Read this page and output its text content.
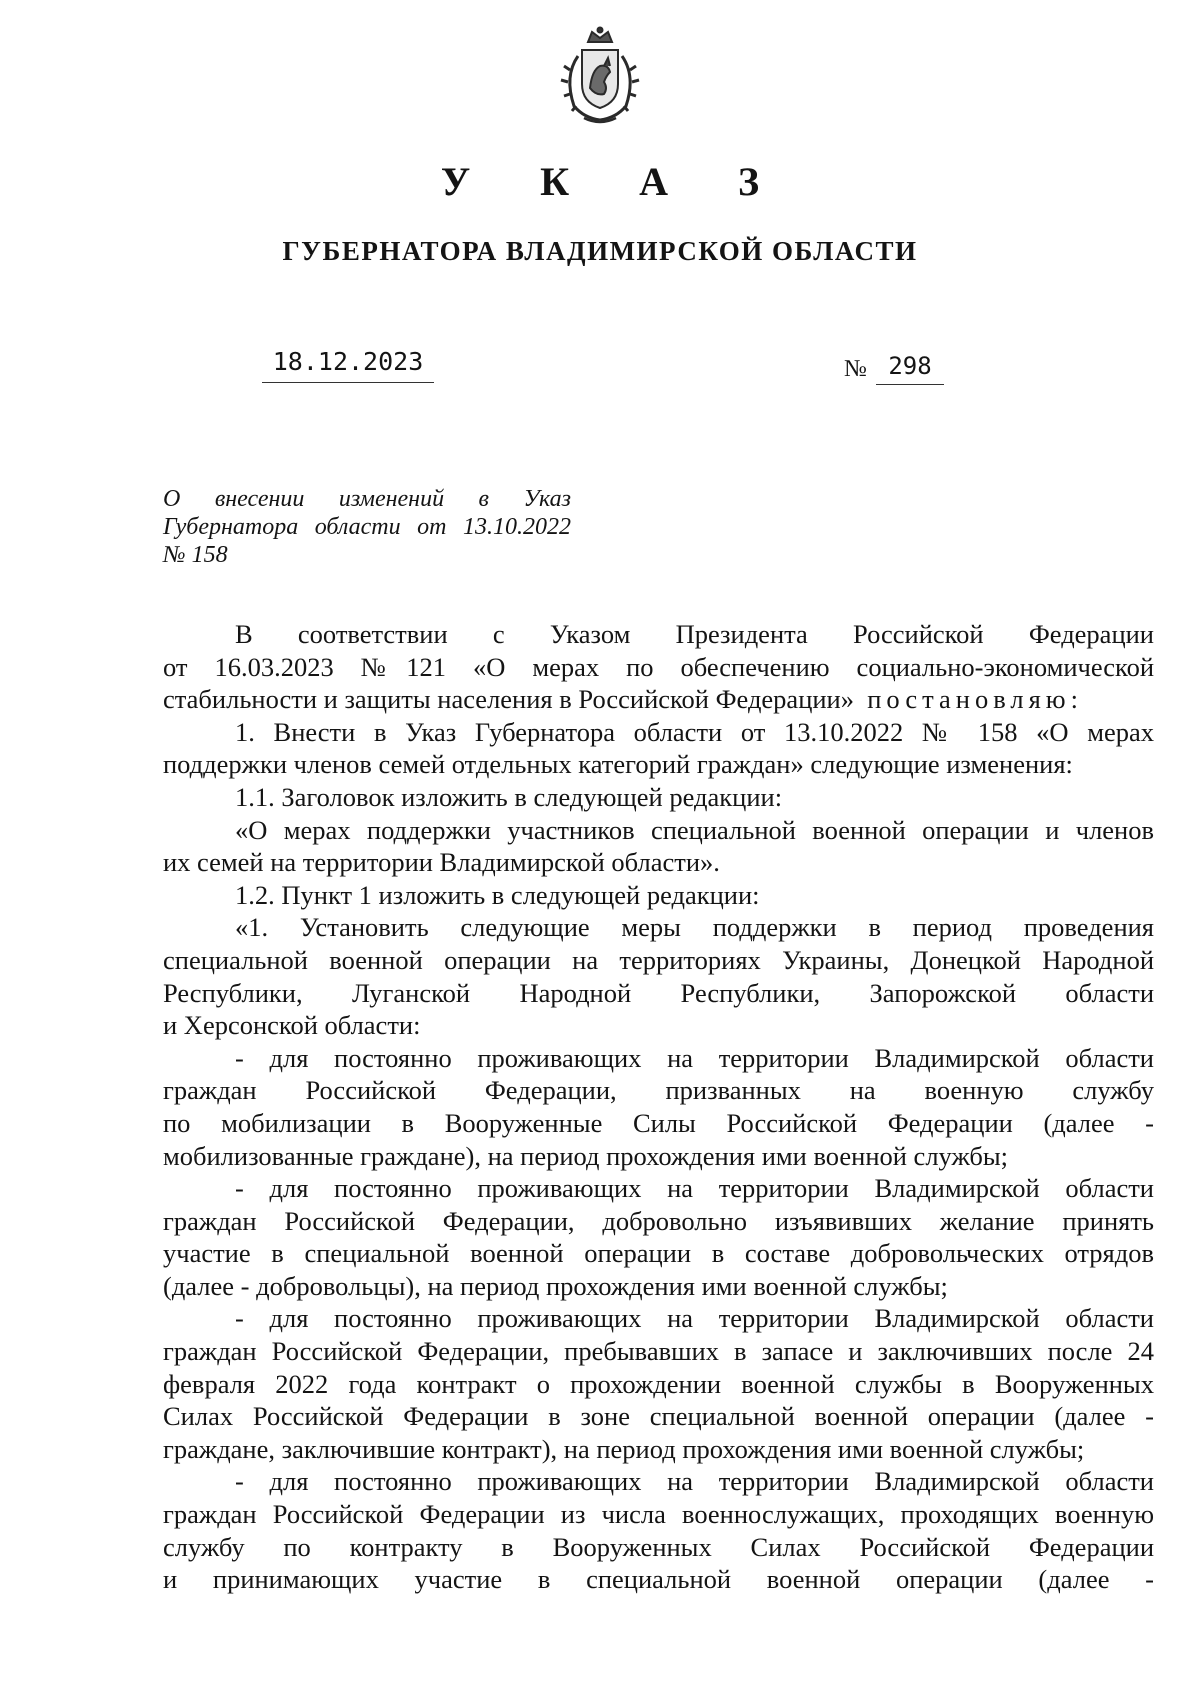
У К А З
ГУБЕРНАТОРА ВЛАДИМИРСКОЙ ОБЛАСТИ
18.12.2023	№ 298
О внесении изменений в Указ
Губернатора области от 13.10.2022
№ 158
В соответствии с Указом Президента Российской Федерации
от 16.03.2023 №121 «О мерах по обеспечению социально-экономической
стабильности и защиты населения в Российской Федерации» постановляю:
1. Внести в Указ Губернатора области от 13.10.2022 № 158 «О мерах
поддержки членов семей отдельных категорий граждан» следующие изменения:
1.1. Заголовок изложить в следующей редакции:
«О мерах поддержки участников специальной военной операции и членов
их семей на территории Владимирской области».
1.2. Пункт 1 изложить в следующей редакции:
«1. Установить следующие меры поддержки в период проведения
специальной военной операции на территориях Украины, Донецкой Народной
Республики, Луганской Народной Республики, Запорожской области
и Херсонской области:
- для постоянно проживающих на территории Владимирской области
граждан Российской Федерации, призванных на военную службу
по мобилизации в Вооруженные Силы Российской Федерации (далее -
мобилизованные граждане), на период прохождения ими военной службы;
- для постоянно проживающих на территории Владимирской области
граждан Российской Федерации, добровольно изъявивших желание принять
участие в специальной военной операции в составе добровольческих отрядов
(далее - добровольцы), на период прохождения ими военной службы;
- для постоянно проживающих на территории Владимирской области
граждан Российской Федерации, пребывавших в запасе и заключивших после 24
февраля 2022 года контракт о прохождении военной службы в Вооруженных
Силах Российской Федерации в зоне специальной военной операции (далее -
граждане, заключившие контракт), на период прохождения ими военной службы;
- для постоянно проживающих на территории Владимирской области
граждан Российской Федерации из числа военнослужащих, проходящих военную
службу по контракту в Вооруженных Силах Российской Федерации
и принимающих участие в специальной военной операции (далее -
